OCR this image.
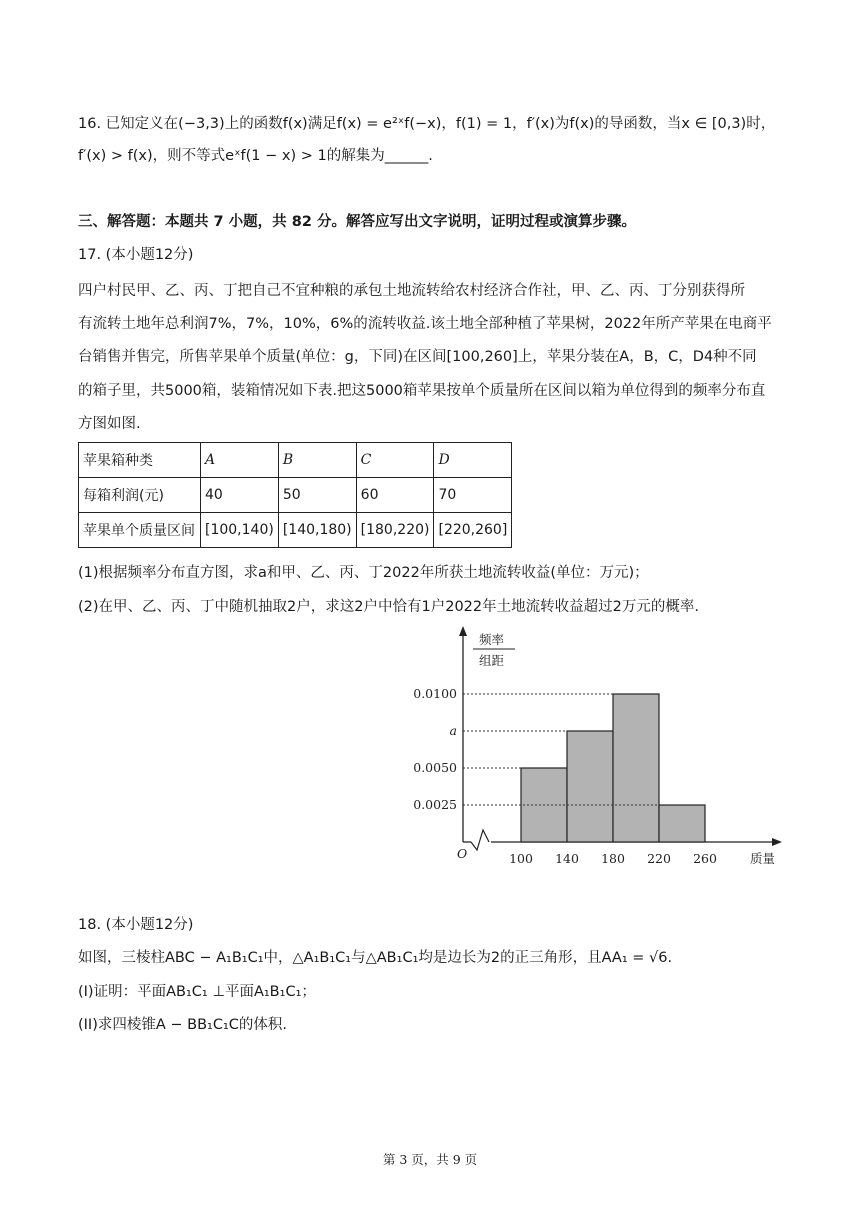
16. 已知定义在(−3,3)上的函数f(x)满足f(x) = e²ˣf(−x)，f(1) = 1，f′(x)为f(x)的导函数，当x ∈ [0,3)时，
f′(x) > f(x)，则不等式eˣf(1 − x) > 1的解集为______.
三、解答题：本题共 7 小题，共 82 分。解答应写出文字说明，证明过程或演算步骤。
17. (本小题12分)
四户村民甲、乙、丙、丁把自己不宜种粮的承包土地流转给农村经济合作社，甲、乙、丙、丁分别获得所
有流转土地年总利润7%，7%，10%，6%的流转收益.该土地全部种植了苹果树，2022年所产苹果在电商平
台销售并售完，所售苹果单个质量(单位：g，下同)在区间[100,260]上，苹果分装在A，B，C，D4种不同
的箱子里，共5000箱，装箱情况如下表.把这5000箱苹果按单个质量所在区间以箱为单位得到的频率分布直
方图如图.
苹果箱种类	A	B	C	D
每箱利润(元)	40	50	60	70
苹果单个质量区间	[100,140)	[140,180)	[180,220)	[220,260]
(1)根据频率分布直方图，求a和甲、乙、丙、丁2022年所获土地流转收益(单位：万元)；
(2)在甲、乙、丙、丁中随机抽取2户，求这2户中恰有1户2022年土地流转收益超过2万元的概率.
频率
组距
O	质量
0.0025
0.0050
a
0.0100
100 140 180 220 260
18. (本小题12分)
如图，三棱柱ABC − A₁B₁C₁中，△A₁B₁C₁与△AB₁C₁均是边长为2的正三角形，且AA₁ = √6.
(I)证明：平面AB₁C₁ ⊥平面A₁B₁C₁；
(II)求四棱锥A − BB₁C₁C的体积.
第 3 页，共 9 页
